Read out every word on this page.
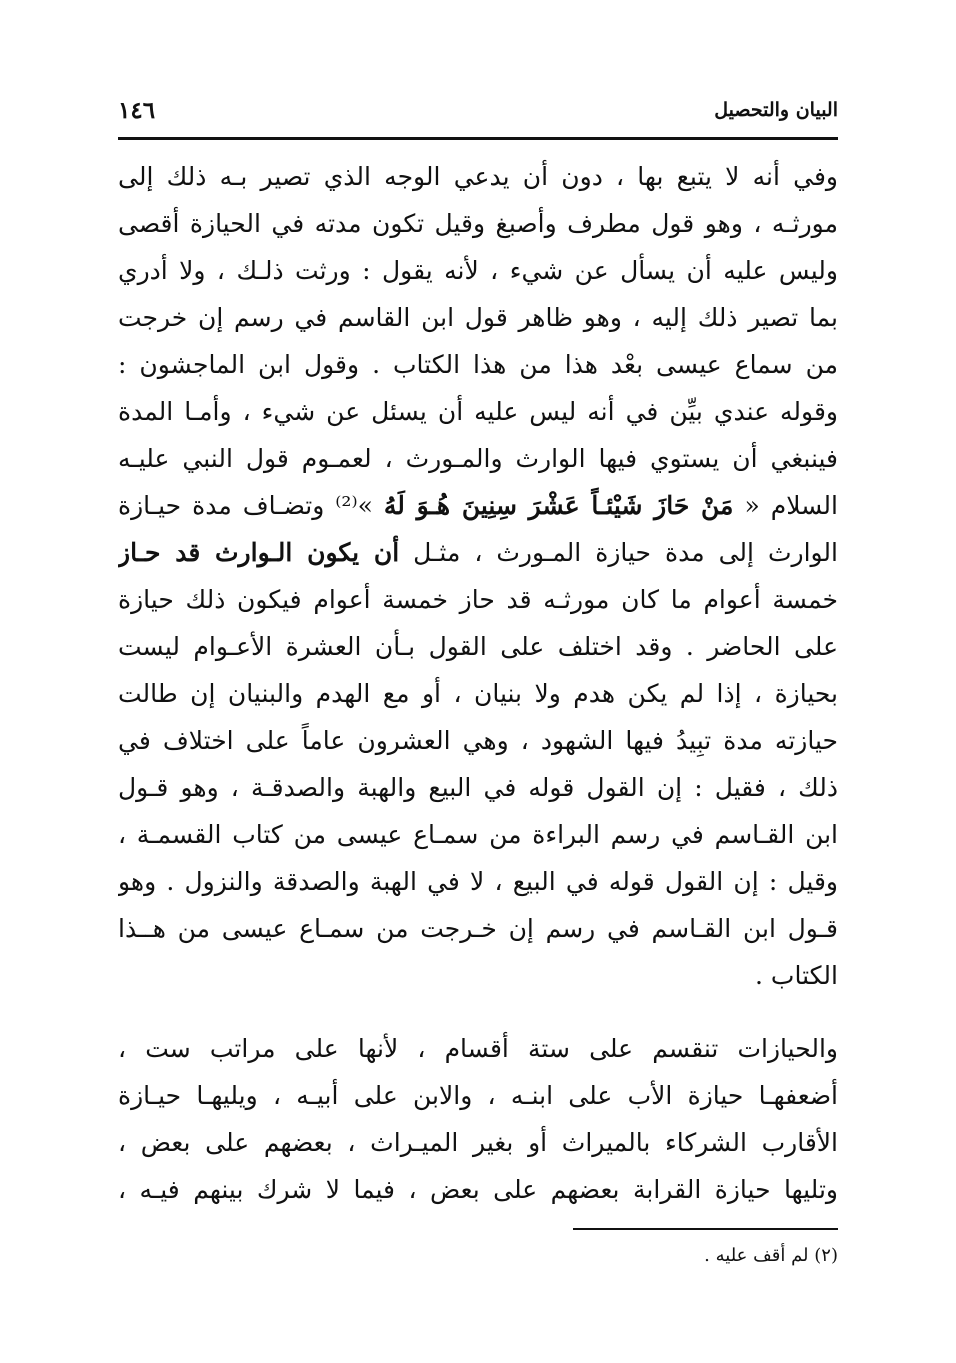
البيان والتحصيل
١٤٦
وفي أنه لا يتبع بها ، دون أن يدعي الوجه الذي تصير بـه ذلك إلى
مورثـه ، وهو قول مطرف وأصبغ وقيل تكون مدته في الحيازة أقصى
وليس عليه أن يسأل عن شيء ، لأنه يقول : ورثت ذلـك ، ولا أدري
بما تصير ذلك إليه ، وهو ظاهر قول ابن القاسم في رسم إن خرجت
من سماع عيسى بعْد هذا من هذا الكتاب . وقول ابن الماجشون :
وقوله عندي بيِّن في أنه ليس عليه أن يسئل عن شيء ، وأمـا المدة
فينبغي أن يستوي فيها الوارث والمـورث ، لعمـوم قول النبي عليـه
السلام « مَنْ حَازَ شَيْئـاً عَشْرَ سِنِينَ هُـوَ لَهُ »⁽²⁾ وتضـاف مدة حيـازة
الوارث إلى مدة حيازة المـورث ، مثـل أن يكون الـوارث قد حـاز
خمسة أعوام ما كان مورثـه قد حاز خمسة أعوام فيكون ذلك حيازة
على الحاضر . وقد اختلف على القول بـأن العشرة الأعـوام ليست
بحيازة ، إذا لم يكن هدم ولا بنيان ، أو مع الهدم والبنيان إن طالت
حيازته مدة تبِيدُ فيها الشهود ، وهي العشرون عاماً على اختلاف في
ذلك ، فقيل : إن القول قوله في البيع والهبة والصدقـة ، وهو قـول
ابن القـاسم في رسم البراءة من سمـاع عيسى من كتاب القسمـة ،
وقيل : إن القول قوله في البيع ، لا في الهبة والصدقة والنزول . وهو
قـول ابن القـاسم في رسم إن خـرجت من سمـاع عيسى من هــذا
الكتاب .
والحيازات تنقسم على ستة أقسام ، لأنها على مراتب ست ،
أضعفهـا حيازة الأب على ابنـه ، والابن على أبيـه ، ويليهـا حيـازة
الأقارب الشركاء بالميراث أو بغير الميـراث ، بعضهم على بعض ،
وتليها حيازة القرابة بعضهم على بعض ، فيما لا شرك بينهم فيـه ،
(٢) لم أقف عليه .
